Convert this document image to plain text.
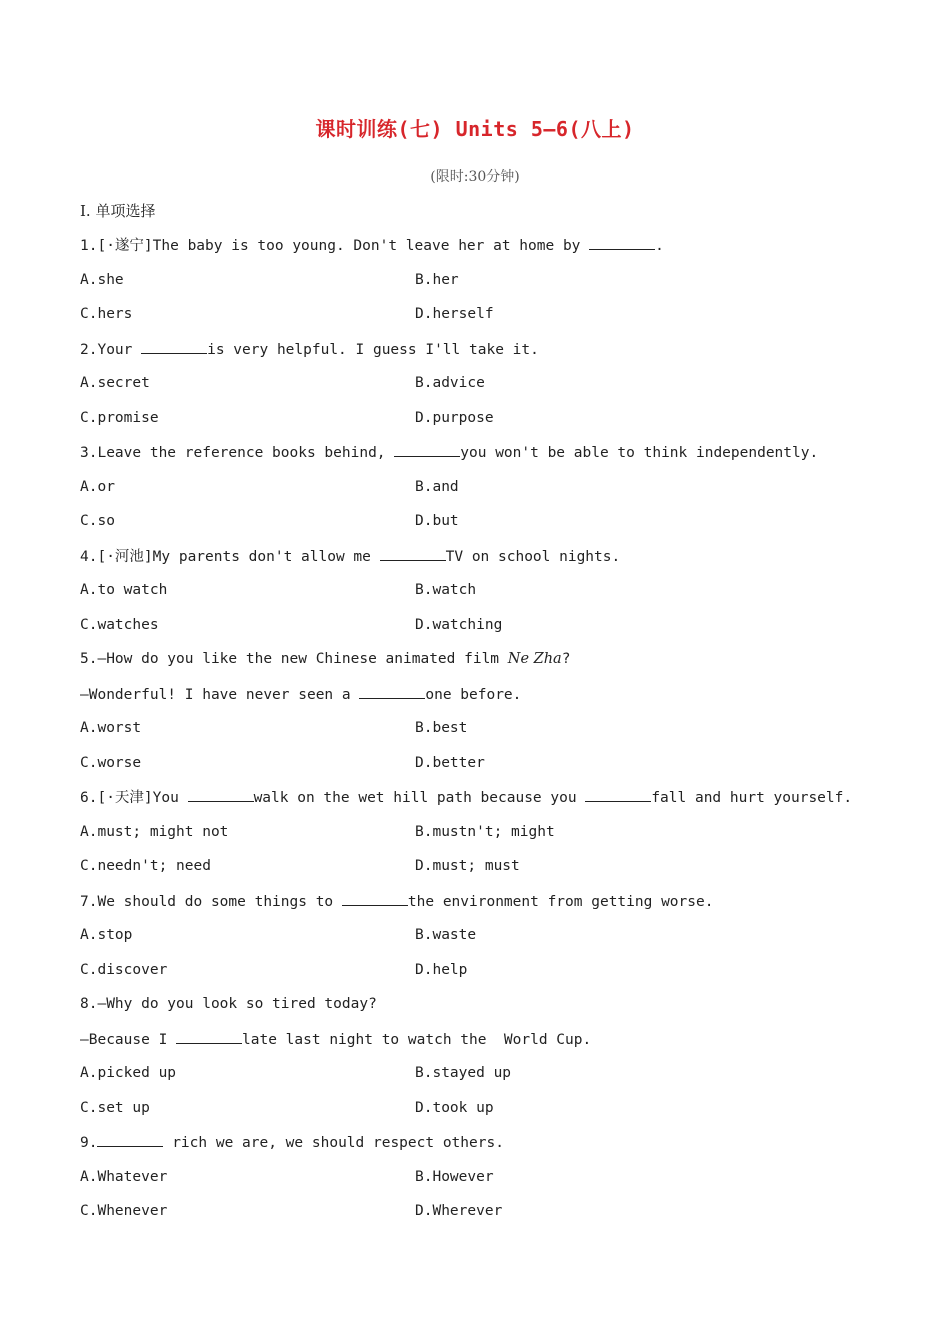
课时训练(七) Units 5—6(八上)
(限时:30分钟)
Ⅰ. 单项选择
1.[·遂宁]The baby is too young. Don't leave her at home by	.
A.she	B.her
C.hers	D.herself
2.Your	is very helpful. I guess I'll take it.
A.secret	B.advice
C.promise	D.purpose
3.Leave the reference books behind,	you won't be able to think independently.
A.or	B.and
C.so	D.but
4.[·河池]My parents don't allow me	TV on school nights.
A.to watch	B.watch
C.watches	D.watching
5.—How do you like the new Chinese animated film Ne Zha?
—Wonderful! I have never seen a	one before.
A.worst	B.best
C.worse	D.better
6.[·天津]You	walk on the wet hill path because you	fall and hurt yourself.
A.must; might not	B.mustn't; might
C.needn't; need	D.must; must
7.We should do some things to	the environment from getting worse.
A.stop	B.waste
C.discover	D.help
8.—Why do you look so tired today?
—Because I	late last night to watch the  World Cup.
A.picked up	B.stayed up
C.set up	D.took up
9.	rich we are, we should respect others.
A.Whatever	B.However
C.Whenever	D.Wherever
